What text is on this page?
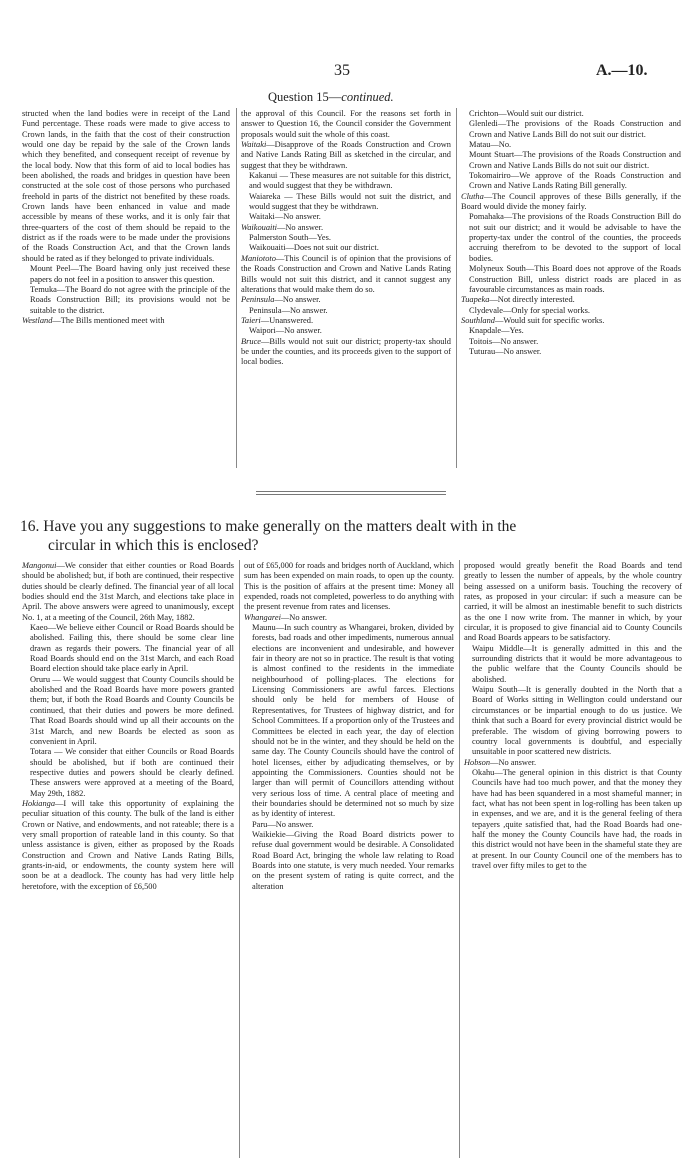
35	A.—10.
Question 15—continued.

structed when the land bodies were in receipt of the Land Fund percentage. These roads were made to give access to Crown lands, in the faith that the cost of their construction would one day be repaid by the sale of the Crown lands which they benefited, and consequent receipt of revenue by the local body. Now that this form of aid to local bodies has been abolished, the roads and bridges in question have been constructed at the sole cost of those persons who purchased freehold in parts of the district not benefited by these roads. Crown lands have been enhanced in value and made accessible by means of these works, and it is only fair that three-quarters of the cost of them should be repaid to the district as if the roads were to be made under the provisions of the Roads Construction Act, and that the Crown lands should be rated as if they belonged to private individuals.

Mount Peel—The Board having only just received these papers do not feel in a position to answer this question.

Temuka—The Board do not agree with the principle of the Roads Construction Bill; its provisions would not be suitable to the district.

Westland—The Bills mentioned meet with

the approval of this Council. For the reasons set forth in answer to Question 16, the Council consider the Government proposals would suit the whole of this coast.

Waitaki—Disapprove of the Roads Construction and Crown and Native Lands Rating Bill as sketched in the circular, and suggest that they be withdrawn.

Kakanui — These measures are not suitable for this district, and would suggest that they be withdrawn.

Waiareka — These Bills would not suit the district, and would suggest that they be withdrawn.

Waitaki—No answer.

Waikouaiti—No answer.

Palmerston South—Yes.

Waikouaiti—Does not suit our district.

Maniototo—This Council is of opinion that the provisions of the Roads Construction and Crown and Native Lands Rating Bills would not suit this district, and it cannot suggest any alterations that would make them do so.

Peninsula—No answer.

Peninsula—No answer.

Taieri—Unanswered.

Waipori—No answer.

Bruce—Bills would not suit our district; property-tax should be under the counties, and its proceeds given to the support of local bodies.

Crichton—Would suit our district.

Glenledi—The provisions of the Roads Construction and Crown and Native Lands Bill do not suit our district.

Matau—No.

Mount Stuart—The provisions of the Roads Construction and Crown and Native Lands Bills do not suit our district.

Tokomairiro—We approve of the Roads Construction and Crown and Native Lands Rating Bill generally.

Clutha—The Council approves of these Bills generally, if the Board would divide the money fairly.

Pomahaka—The provisions of the Roads Construction Bill do not suit our district; and it would be advisable to have the property-tax under the control of the counties, the proceeds accruing therefrom to be devoted to the support of local bodies.

Molyneux South—This Board does not approve of the Roads Construction Bill, unless district roads are placed in as favourable circumstances as main roads.

Tuapeka—Not directly interested.

Clydevale—Only for special works.

Southland—Would suit for specific works.

Knapdale—Yes.

Toitois—No answer.

Tuturau—No answer.

16. Have you any suggestions to make generally on the matters dealt with in the
circular in which this is enclosed?

Mangonui—We consider that either counties or Road Boards should be abolished; but, if both are continued, their respective duties should be clearly defined. The financial year of all local bodies should end the 31st March, and elections take place in April. The above answers were agreed to unanimously, except No. 1, at a meeting of the Council, 26th May, 1882.

Kaeo—We believe either Council or Road Boards should be abolished. Failing this, there should be some clear line drawn as regards their powers. The financial year of all Road Boards should end on the 31st March, and each Road Board election should take place early in April.

Oruru — We would suggest that County Councils should be abolished and the Road Boards have more powers granted them; but, if both the Road Boards and County Councils be continued, that their duties and powers be more defined. That Road Boards should wind up all their accounts on the 31st March, and new Boards be elected as soon as convenient in April.

Totara — We consider that either Councils or Road Boards should be abolished, but if both are continued their respective duties and powers should be clearly defined. These answers were approved at a meeting of the Board, May 29th, 1882.

Hokianga—I will take this opportunity of explaining the peculiar situation of this county. The bulk of the land is either Crown or Native, and endowments, and not rateable; there is a very small proportion of rateable land in this county. So that unless assistance is given, either as proposed by the Roads Construction and Crown and Native Lands Rating Bills, grants-in-aid, or endowments, the county system here will soon be at a deadlock. The county has had very little help heretofore, with the exception of £6,500

out of £65,000 for roads and bridges north of Auckland, which sum has been expended on main roads, to open up the county. This is the position of affairs at the present time: Money all expended, roads not completed, powerless to do anything with the present revenue from rates and licenses.

Whangarei—No answer.

Maunu—In such country as Whangarei, broken, divided by forests, bad roads and other impediments, numerous annual elections are inconvenient and undesirable, and however fair in theory are not so in practice. The result is that voting is almost confined to the residents in the immediate neighbourhood of polling-places. The elections for Licensing Commissioners are awful farces. Elections should only be held for members of House of Representatives, for Trustees of highway district, and for School Committees. If a proportion only of the Trustees and Committees be elected in each year, the day of election should not be in the winter, and they should be held on the same day. The County Councils should have the control of hotel licenses, either by adjudicating themselves, or by appointing the Commissioners. Counties should not be larger than will permit of Councillors attending without very serious loss of time. A central place of meeting and their boundaries should be determined not so much by size as by identity of interest.

Paru—No answer.

Waikiekie—Giving the Road Board districts power to refuse dual government would be desirable. A Consolidated Road Board Act, bringing the whole law relating to Road Boards into one statute, is very much needed. Your remarks on the present system of rating is quite correct, and the alteration

proposed would greatly benefit the Road Boards and tend greatly to lessen the number of appeals, by the whole country being assessed on a uniform basis. Touching the recovery of rates, as proposed in your circular: if such a measure can be carried, it will be almost an inestimable benefit to such districts as the one I now write from. The manner in which, by your circular, it is proposed to give financial aid to County Councils and Road Boards appears to be satisfactory.

Waipu Middle—It is generally admitted in this and the surrounding districts that it would be more advantageous to the public welfare that the County Councils should be abolished.

Waipu South—It is generally doubted in the North that a Board of Works sitting in Wellington could understand our circumstances or be impartial enough to do us justice. We think that such a Board for every provincial district would be preferable. The wisdom of giving borrowing powers to country local governments is doubtful, and especially unsuitable in poor scattered new districts.

Hobson—No answer.

Okahu—The general opinion in this district is that County Councils have had too much power, and that the money they have had has been squandered in a most shameful manner; in fact, what has not been spent in log-rolling has been taken up in expenses, and we are, and it is the general feeling of thera tepayers ,quite satisfied that, had the Road Boards had one-half the money the County Councils have had, the roads in this district would not have been in the shameful state they are at present. In our County Council one of the members has to travel over fifty miles to get to the
